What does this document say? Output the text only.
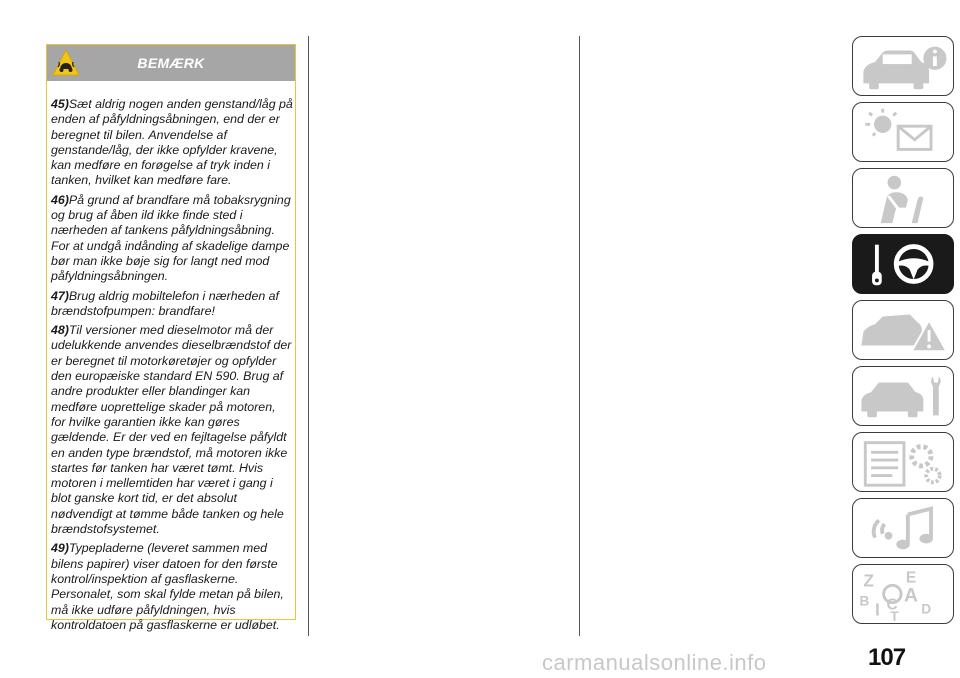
BEMÆRK

45)Sæt aldrig nogen anden genstand/låg på enden af påfyldningsåbningen, end der er beregnet til bilen. Anvendelse af genstande/låg, der ikke opfylder kravene, kan medføre en forøgelse af tryk inden i tanken, hvilket kan medføre fare.

46)På grund af brandfare må tobaksrygning og brug af åben ild ikke finde sted i nærheden af tankens påfyldningsåbning. For at undgå indånding af skadelige dampe bør man ikke bøje sig for langt ned mod påfyldningsåbningen.

47)Brug aldrig mobiltelefon i nærheden af brændstofpumpen: brandfare!

48)Til versioner med dieselmotor må der udelukkende anvendes dieselbrændstof der er beregnet til motorkøretøjer og opfylder den europæiske standard EN 590. Brug af andre produkter eller blandinger kan medføre uoprettelige skader på motoren, for hvilke garantien ikke kan gøres gældende. Er der ved en fejltagelse påfyldt en anden type brændstof, må motoren ikke startes før tanken har været tømt. Hvis motoren i mellemtiden har været i gang i blot ganske kort tid, er det absolut nødvendigt at tømme både tanken og hele brændstofsystemet.

49)Typepladerne (leveret sammen med bilens papirer) viser datoen for den første kontrol/inspektion af gasflaskerne. Personalet, som skal fylde metan på bilen, må ikke udføre påfyldningen, hvis kontroldatoen på gasflaskerne er udløbet.

Z E
B A
I C
T
D
107
carmanualsonline.info
